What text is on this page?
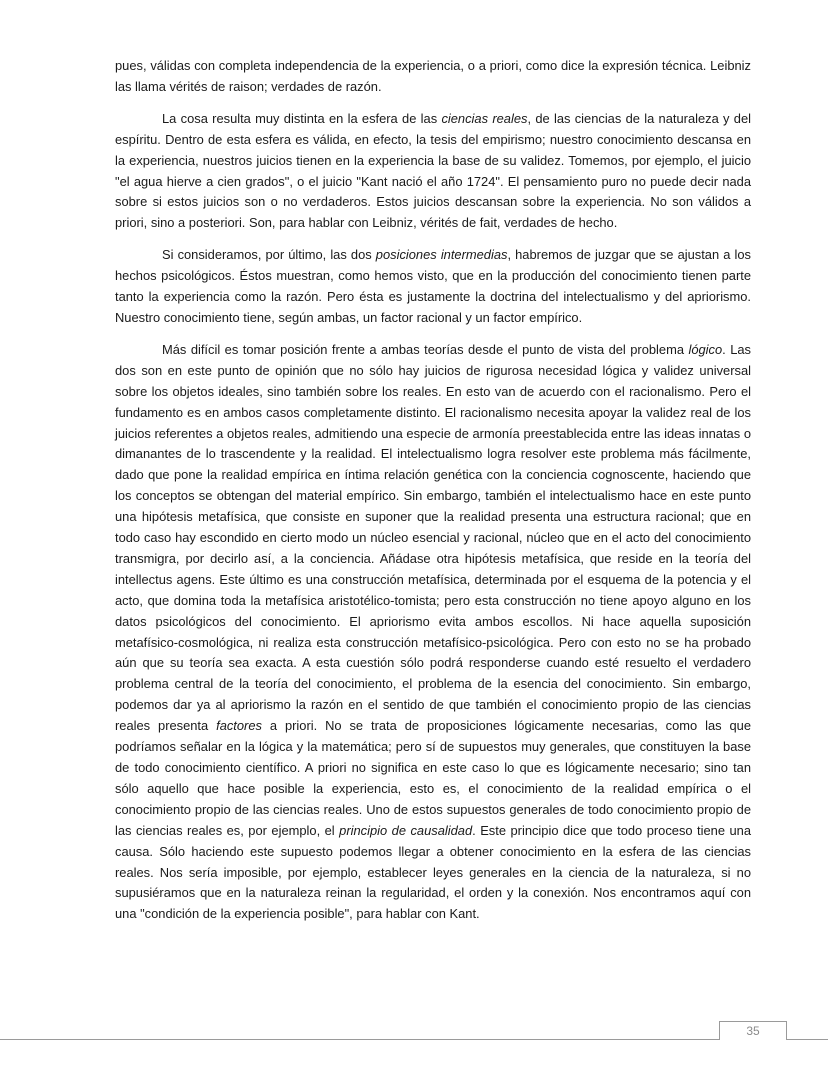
pues, válidas con completa independencia de la experiencia, o a priori, como dice la expresión técnica. Leibniz las llama vérités de raison; verdades de razón.

La cosa resulta muy distinta en la esfera de las ciencias reales, de las ciencias de la naturaleza y del espíritu. Dentro de esta esfera es válida, en efecto, la tesis del empirismo; nuestro conocimiento descansa en la experiencia, nuestros juicios tienen en la experiencia la base de su validez. Tomemos, por ejemplo, el juicio "el agua hierve a cien grados", o el juicio "Kant nació el año 1724". El pensamiento puro no puede decir nada sobre si estos juicios son o no verdaderos. Estos juicios descansan sobre la experiencia. No son válidos a priori, sino a posteriori. Son, para hablar con Leibniz, vérités de fait, verdades de hecho.

Si consideramos, por último, las dos posiciones intermedias, habremos de juzgar que se ajustan a los hechos psicológicos. Éstos muestran, como hemos visto, que en la producción del conocimiento tienen parte tanto la experiencia como la razón. Pero ésta es justamente la doctrina del intelectualismo y del apriorismo. Nuestro conocimiento tiene, según ambas, un factor racional y un factor empírico.

Más difícil es tomar posición frente a ambas teorías desde el punto de vista del problema lógico. Las dos son en este punto de opinión que no sólo hay juicios de rigurosa necesidad lógica y validez universal sobre los objetos ideales, sino también sobre los reales. En esto van de acuerdo con el racionalismo. Pero el fundamento es en ambos casos completamente distinto. El racionalismo necesita apoyar la validez real de los juicios referentes a objetos reales, admitiendo una especie de armonía preestablecida entre las ideas innatas o dimanantes de lo trascendente y la realidad. El intelectualismo logra resolver este problema más fácilmente, dado que pone la realidad empírica en íntima relación genética con la conciencia cognoscente, haciendo que los conceptos se obtengan del material empírico. Sin embargo, también el intelectualismo hace en este punto una hipótesis metafísica, que consiste en suponer que la realidad presenta una estructura racional; que en todo caso hay escondido en cierto modo un núcleo esencial y racional, núcleo que en el acto del conocimiento transmigra, por decirlo así, a la conciencia. Añádase otra hipótesis metafísica, que reside en la teoría del intellectus agens. Este último es una construcción metafísica, determinada por el esquema de la potencia y el acto, que domina toda la metafísica aristotélico-tomista; pero esta construcción no tiene apoyo alguno en los datos psicológicos del conocimiento. El apriorismo evita ambos escollos. Ni hace aquella suposición metafísico-cosmológica, ni realiza esta construcción metafísico-psicológica. Pero con esto no se ha probado aún que su teoría sea exacta. A esta cuestión sólo podrá responderse cuando esté resuelto el verdadero problema central de la teoría del conocimiento, el problema de la esencia del conocimiento. Sin embargo, podemos dar ya al apriorismo la razón en el sentido de que también el conocimiento propio de las ciencias reales presenta factores a priori. No se trata de proposiciones lógicamente necesarias, como las que podríamos señalar en la lógica y la matemática; pero sí de supuestos muy generales, que constituyen la base de todo conocimiento científico. A priori no significa en este caso lo que es lógicamente necesario; sino tan sólo aquello que hace posible la experiencia, esto es, el conocimiento de la realidad empírica o el conocimiento propio de las ciencias reales. Uno de estos supuestos generales de todo conocimiento propio de las ciencias reales es, por ejemplo, el principio de causalidad. Este principio dice que todo proceso tiene una causa. Sólo haciendo este supuesto podemos llegar a obtener conocimiento en la esfera de las ciencias reales. Nos sería imposible, por ejemplo, establecer leyes generales en la ciencia de la naturaleza, si no supusiéramos que en la naturaleza reinan la regularidad, el orden y la conexión. Nos encontramos aquí con una "condición de la experiencia posible", para hablar con Kant.

35
